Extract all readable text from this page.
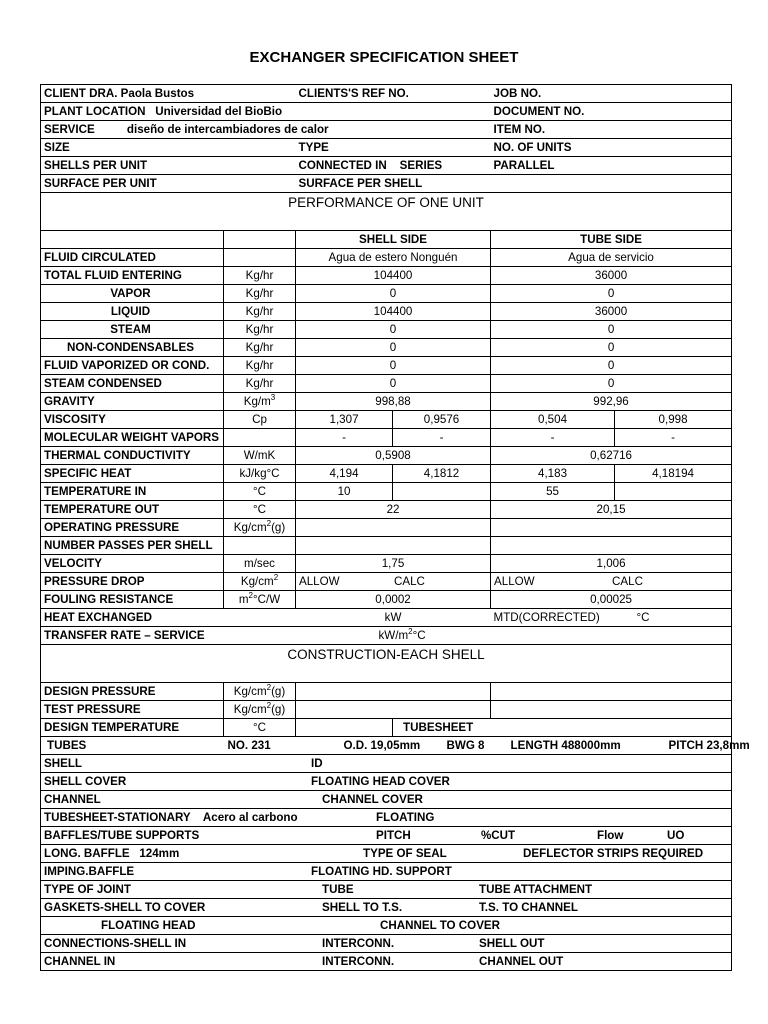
EXCHANGER SPECIFICATION SHEET
CLIENT DRA. Paola Bustos	CLIENTS'S REF NO.	JOB NO.
PLANT LOCATION   Universidad del BioBio	DOCUMENT NO.
SERVICE          diseño de intercambiadores de calor	ITEM NO.
SIZE	TYPE	NO. OF UNITS
SHELLS PER UNIT	CONNECTED IN    SERIES	PARALLEL
SURFACE PER UNIT	SURFACE PER SHELL
PERFORMANCE OF ONE UNIT
		SHELL SIDE	TUBE SIDE
FLUID CIRCULATED		Agua de estero Nonguén	Agua de servicio
TOTAL FLUID ENTERING	Kg/hr	104400	36000
VAPOR	Kg/hr	0	0
LIQUID	Kg/hr	104400	36000
STEAM	Kg/hr	0	0
NON-CONDENSABLES	Kg/hr	0	0
FLUID VAPORIZED OR COND.	Kg/hr	0	0
STEAM CONDENSED	Kg/hr	0	0
GRAVITY	$Kg/m^3$	998,88	992,96
VISCOSITY	Cp	1,307	0,9576	0,504	0,998
MOLECULAR WEIGHT VAPORS		-	-	-	-
THERMAL CONDUCTIVITY	W/mK	0,5908	0,62716
SPECIFIC HEAT	kJ/kg°C	4,194	4,1812	4,183	4,18194
TEMPERATURE IN	°C	10		55	
TEMPERATURE OUT	°C	22	20,15
OPERATING PRESSURE	$Kg/cm^2(g)$		
NUMBER PASSES PER SHELL			
VELOCITY	m/sec	1,75	1,006
PRESSURE DROP	$Kg/cm^2$	ALLOW	CALC	ALLOW	CALC
FOULING RESISTANCE	$m^2^\circ C/W$	0,0002	0,00025
HEAT EXCHANGED	kW	MTD(CORRECTED)	°C
TRANSFER RATE – SERVICE	$kW/m^2^\circ C$
CONSTRUCTION-EACH SHELL
DESIGN PRESSURE	$Kg/cm^2(g)$		
TEST PRESSURE	$Kg/cm^2(g)$		
DESIGN TEMPERATURE	°C		TUBESHEET
TUBES	NO. 231	O.D. 19,05mm BWG 8 LENGTH 488000mm	PITCH 23,8mm

SHELL	ID

SHELL COVER	FLOATING HEAD COVER

CHANNEL	CHANNEL COVER

TUBESHEET-STATIONARY    Acero al carbono	FLOATING

BAFFLES/TUBE SUPPORTS	PITCH	%CUT	Flow	UO

LONG. BAFFLE   124mm	TYPE OF SEAL	DEFLECTOR STRIPS REQUIRED

IMPING.BAFFLE	FLOATING HD. SUPPORT

TYPE OF JOINT	TUBE	TUBE ATTACHMENT

GASKETS-SHELL TO COVER	SHELL TO T.S.	T.S. TO CHANNEL

FLOATING HEAD	CHANNEL TO COVER

CONNECTIONS-SHELL IN	INTERCONN.	SHELL OUT

CHANNEL IN	INTERCONN.	CHANNEL OUT
